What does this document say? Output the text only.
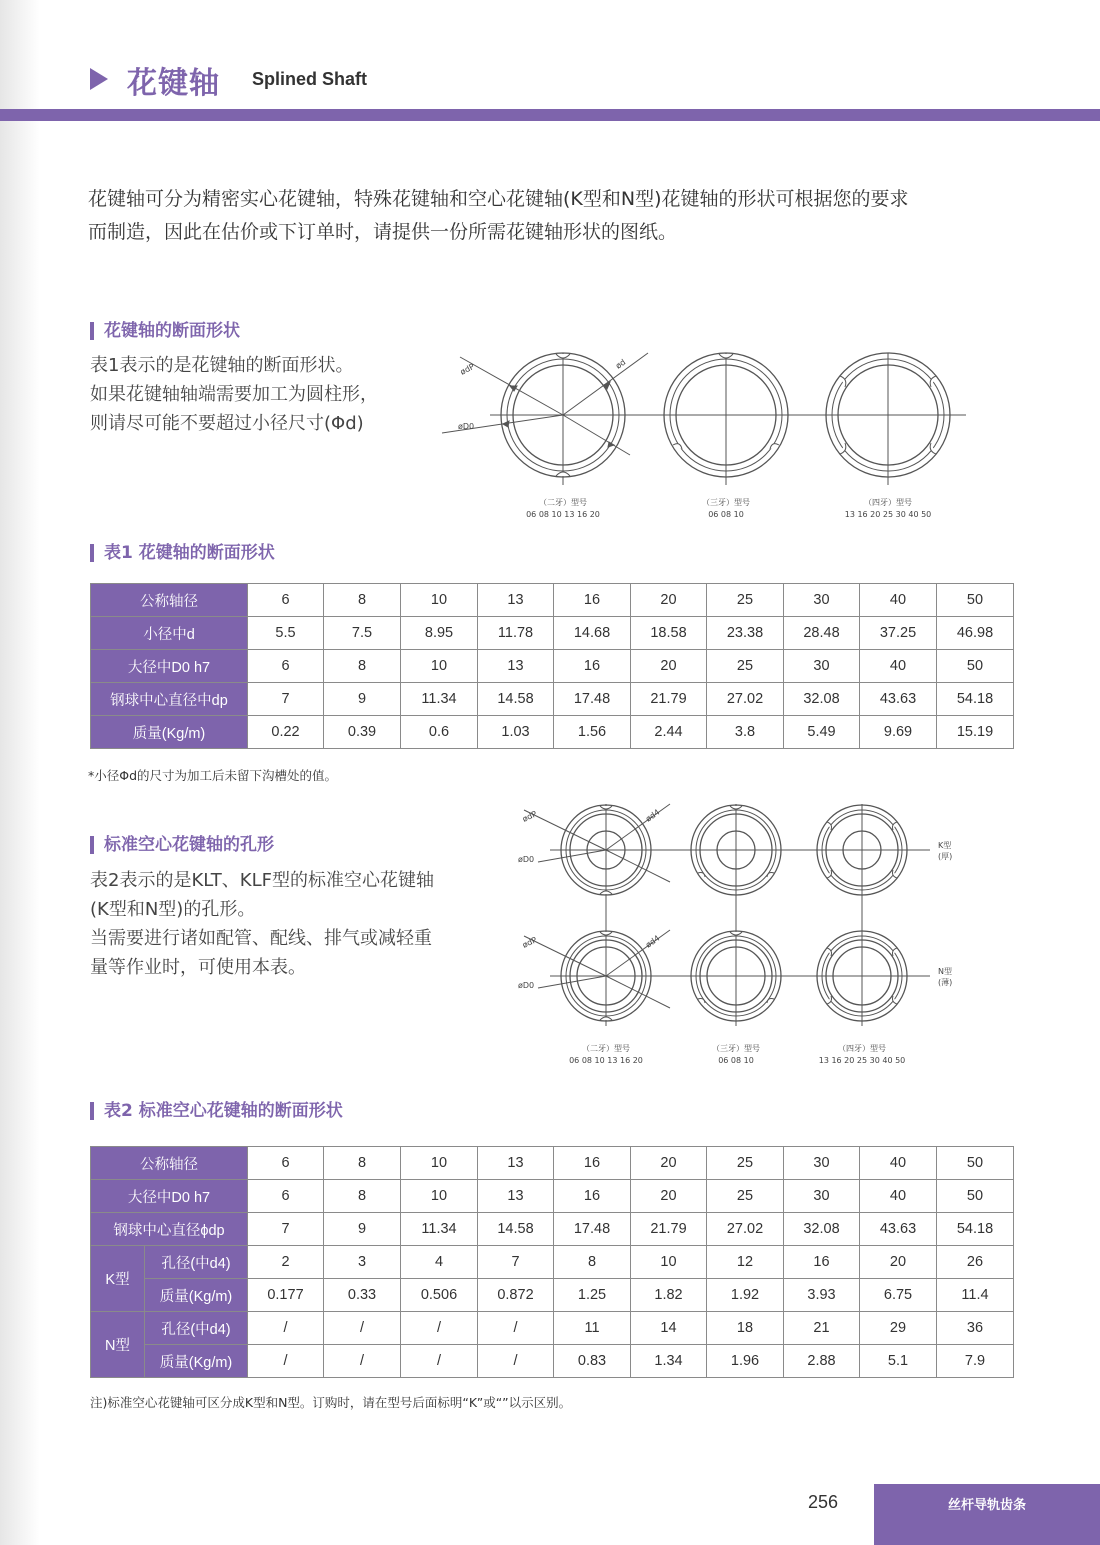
花键轴 Splined Shaft

花键轴可分为精密实心花键轴，特殊花键轴和空心花键轴(K型和N型)花键轴的形状可根据您的要求

而制造，因此在估价或下订单时，请提供一份所需花键轴形状的图纸。

花键轴的断面形状

表1表示的是花键轴的断面形状。

如果花键轴轴端需要加工为圆柱形，

则请尽可能不要超过小径尺寸(Φd)

ødP	ød
øD0
（二牙）型号
06 08 10 13 16 20
（三牙）型号
06 08 10
（四牙）型号
13 16 20 25 30 40 50
表1 花键轴的断面形状
公称轴径	6	8	10	13	16	20	25	30	40	50
小径中d	5.5	7.5	8.95	11.78	14.68	18.58	23.38	28.48	37.25	46.98
大径中D0 h7	6	8	10	13	16	20	25	30	40	50
钢球中心直径中dp	7	9	11.34	14.58	17.48	21.79	27.02	32.08	43.63	54.18
质量(Kg/m)	0.22	0.39	0.6	1.03	1.56	2.44	3.8	5.49	9.69	15.19
*小径Φd的尺寸为加工后未留下沟槽处的值。
标准空心花键轴的孔形

表2表示的是KLT、KLF型的标准空心花键轴

(K型和N型)的孔形。

当需要进行诸如配管、配线、排气或减轻重

量等作业时，可使用本表。

ødP	ød4
øD0
ødP	ød4
øD0
K型
(厚)
N型
(薄)
（二牙）型号
06 08 10 13 16 20
（三牙）型号
06 08 10
（四牙）型号
13 16 20 25 30 40 50
表2 标准空心花键轴的断面形状
公称轴径		6	8	10	13	16	20	25	30	40	50
大径中D0 h7		6	8	10	13	16	20	25	30	40	50
钢球中心直径ϕdp		7	9	11.34	14.58	17.48	21.79	27.02	32.08	43.63	54.18
K型	孔径(中d4)	2	3	4	7	8	10	12	16	20	26
	质量(Kg/m)	0.177	0.33	0.506	0.872	1.25	1.82	1.92	3.93	6.75	11.4
N型	孔径(中d4)	/	/	/	/	11	14	18	21	29	36
	质量(Kg/m)	/	/	/	/	0.83	1.34	1.96	2.88	5.1	7.9
注)标准空心花键轴可区分成K型和N型。订购时，请在型号后面标明“K”或“”以示区别。
256	丝杆导轨齿条
